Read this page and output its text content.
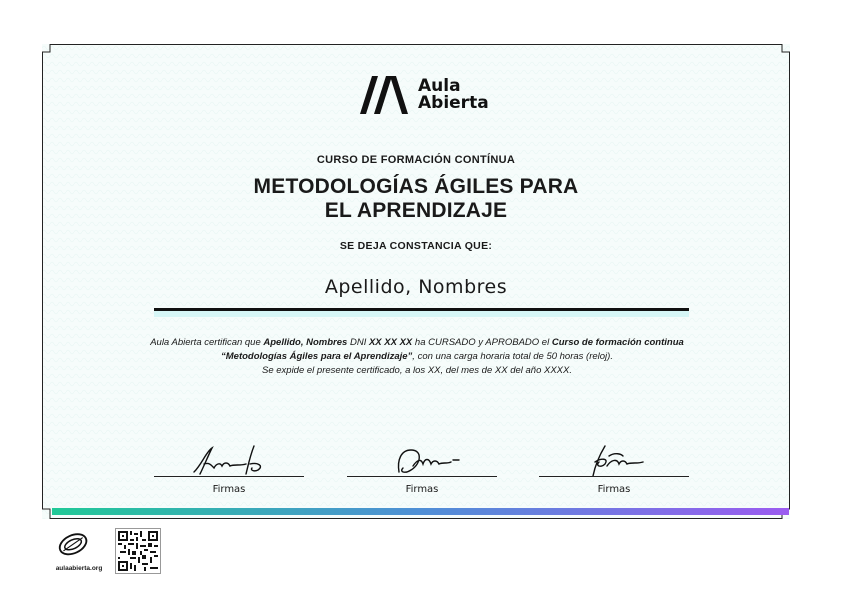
Aula
Abierta
CURSO DE FORMACIÓN CONTÍNUA
METODOLOGÍAS ÁGILES PARA
EL APRENDIZAJE
SE DEJA CONSTANCIA QUE:
Apellido, Nombres
Aula Abierta certifican que Apellido, Nombres DNI XX XX XX ha CURSADO y APROBADO el Curso de formación continua “Metodologías Ágiles para el Aprendizaje”, con una carga horaria total de 50 horas (reloj).
Se expide el presente certificado, a los XX, del mes de XX del año XXXX.
Firmas	Firmas	Firmas
aulaabierta.org
